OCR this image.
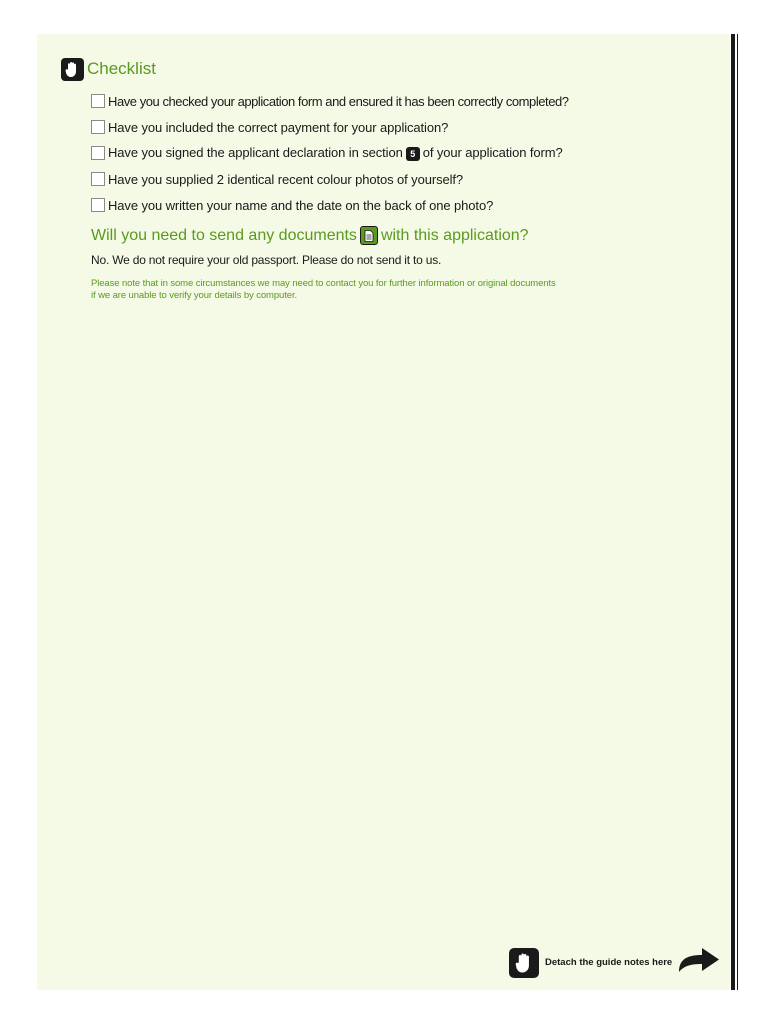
Checklist
Have you checked your application form and ensured it has been correctly completed?
Have you included the correct payment for your application?
Have you signed the applicant declaration in section 5 of your application form?
Have you supplied 2 identical recent colour photos of yourself?
Have you written your name and the date on the back of one photo?
Will you need to send any documents with this application?
No. We do not require your old passport. Please do not send it to us.
Please note that in some circumstances we may need to contact you for further information or original documents
if we are unable to verify your details by computer.
Detach the guide notes here
